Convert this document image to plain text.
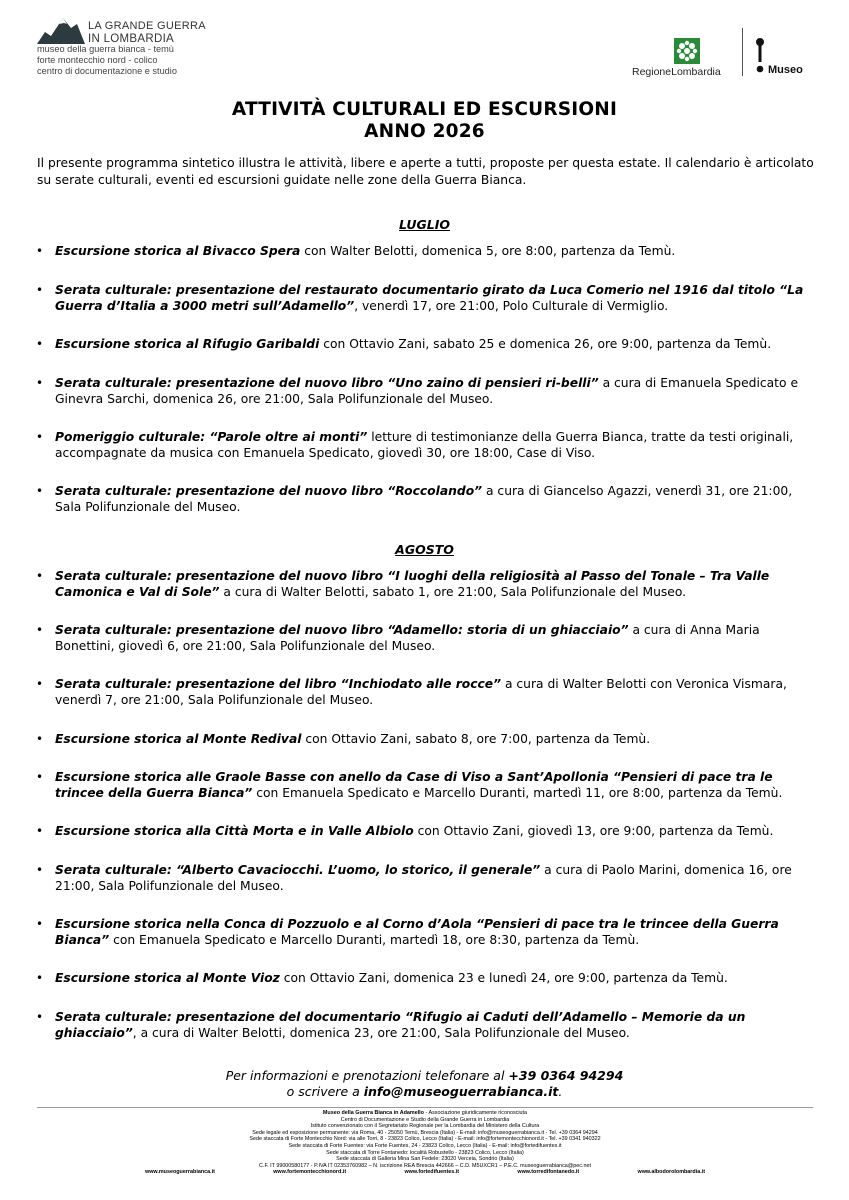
LA GRANDE GUERRA
IN LOMBARDIA
museo della guerra bianca - temù
forte montecchio nord - colico
centro di documentazione e studio	RegioneLombardia	Museo
ATTIVITÀ CULTURALI ED ESCURSIONI
ANNO 2026

Il presente programma sintetico illustra le attività, libere e aperte a tutti, proposte per questa estate. Il calendario è articolato su serate culturali, eventi ed escursioni guidate nelle zone della Guerra Bianca.

LUGLIO

• Escursione storica al Bivacco Spera con Walter Belotti, domenica 5, ore 8:00, partenza da Temù.

• Serata culturale: presentazione del restaurato documentario girato da Luca Comerio nel 1916 dal titolo “La Guerra d’Italia a 3000 metri sull’Adamello”, venerdì 17, ore 21:00, Polo Culturale di Vermiglio.

• Escursione storica al Rifugio Garibaldi con Ottavio Zani, sabato 25 e domenica 26, ore 9:00, partenza da Temù.

• Serata culturale: presentazione del nuovo libro “Uno zaino di pensieri ri-belli” a cura di Emanuela Spedicato e Ginevra Sarchi, domenica 26, ore 21:00, Sala Polifunzionale del Museo.

• Pomeriggio culturale: “Parole oltre ai monti” letture di testimonianze della Guerra Bianca, tratte da testi originali, accompagnate da musica con Emanuela Spedicato, giovedì 30, ore 18:00, Case di Viso.

• Serata culturale: presentazione del nuovo libro “Roccolando” a cura di Giancelso Agazzi, venerdì 31, ore 21:00, Sala Polifunzionale del Museo.

AGOSTO

• Serata culturale: presentazione del nuovo libro “I luoghi della religiosità al Passo del Tonale – Tra Valle Camonica e Val di Sole” a cura di Walter Belotti, sabato 1, ore 21:00, Sala Polifunzionale del Museo.

• Serata culturale: presentazione del nuovo libro “Adamello: storia di un ghiacciaio” a cura di Anna Maria Bonettini, giovedì 6, ore 21:00, Sala Polifunzionale del Museo.

• Serata culturale: presentazione del libro “Inchiodato alle rocce” a cura di Walter Belotti con Veronica Vismara, venerdì 7, ore 21:00, Sala Polifunzionale del Museo.

• Escursione storica al Monte Redival con Ottavio Zani, sabato 8, ore 7:00, partenza da Temù.

• Escursione storica alle Graole Basse con anello da Case di Viso a Sant’Apollonia “Pensieri di pace tra le trincee della Guerra Bianca” con Emanuela Spedicato e Marcello Duranti, martedì 11, ore 8:00, partenza da Temù.

• Escursione storica alla Città Morta e in Valle Albiolo con Ottavio Zani, giovedì 13, ore 9:00, partenza da Temù.

• Serata culturale: “Alberto Cavaciocchi. L’uomo, lo storico, il generale” a cura di Paolo Marini, domenica 16, ore 21:00, Sala Polifunzionale del Museo.

• Escursione storica nella Conca di Pozzuolo e al Corno d’Aola “Pensieri di pace tra le trincee della Guerra Bianca” con Emanuela Spedicato e Marcello Duranti, martedì 18, ore 8:30, partenza da Temù.

• Escursione storica al Monte Vioz con Ottavio Zani, domenica 23 e lunedì 24, ore 9:00, partenza da Temù.

• Serata culturale: presentazione del documentario “Rifugio ai Caduti dell’Adamello – Memorie da un ghiacciaio”, a cura di Walter Belotti, domenica 23, ore 21:00, Sala Polifunzionale del Museo.

Per informazioni e prenotazioni telefonare al +39 0364 94294
o scrivere a info@museoguerrabianca.it.
Museo della Guerra Bianca in Adamello - Associazione giuridicamente riconosciuta
Centro di Documentazione e Studio della Grande Guerra in Lombardia
Istituto convenzionato con il Segretariato Regionale per la Lombardia del Ministero della Cultura
Sede legale ed esposizione permanente: via Roma, 40 - 25050 Temù, Brescia (Italia) - E-mail: info@museoguerrabianca.it - Tel. +39 0364 94294
Sede staccata di Forte Montecchio Nord: via alle Torri, 8 - 23823 Colico, Lecco (Italia) - E-mail: info@fortemontecchionord.it - Tel. +39 0341 940322
Sede staccata di Forte Fuentes: via Forte Fuentes, 24 - 23823 Colico, Lecco (Italia) - E-mail: info@fortedifuentes.it
Sede staccata di Torre Fontanedo: località Robustello - 23823 Colico, Lecco (Italia)
Sede staccata di Galleria Mina San Fedele: 23020 Verceia, Sondrio (Italia)
C.F. IT 99000580177 - P.IVA IT 02353760982 – N. iscrizione REA Brescia 442666 – C.D. M5UXCR1 – P.E.C. museoguerrabianca@pec.net
www.museoguerrabianca.it	www.fortemontecchionord.it	www.fortedifuentes.it	www.torredifontanedo.it	www.albodorolombardia.it
